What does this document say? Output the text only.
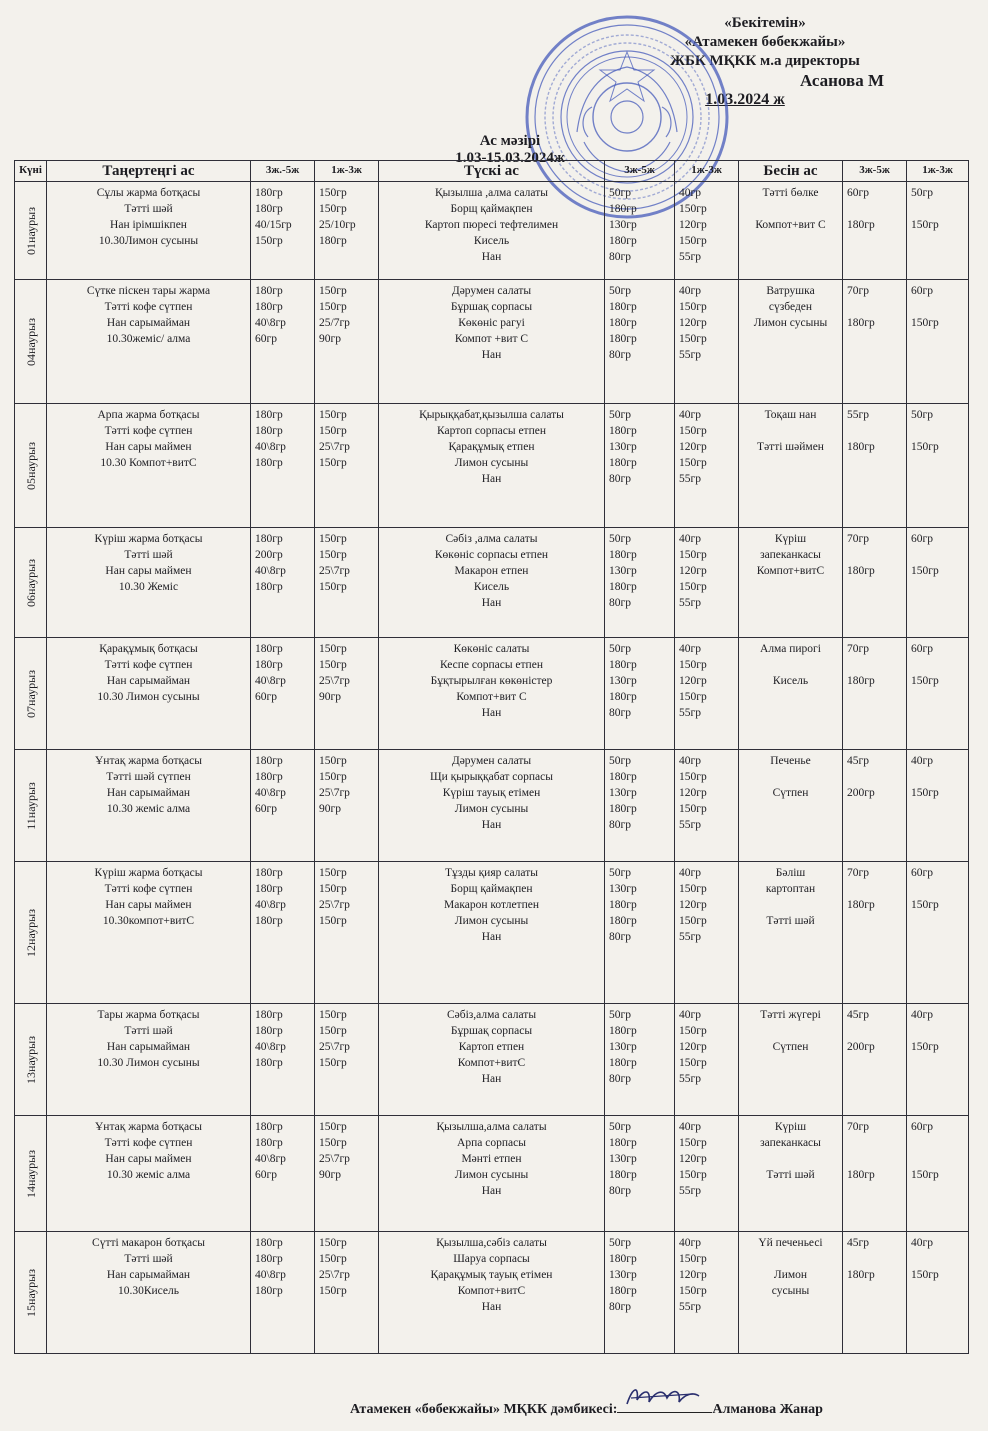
«Бекітемін»
«Атамекен бөбекжайы»
ЖБК МҚКК м.а директоры
Асанова М
1.03.2024 ж
Ас мәзірі
1.03-15.03.2024ж
Күні	Таңертеңгі ас	3ж.-5ж	1ж-3ж	Түскі ас	3ж-5ж	1ж-3ж	Бесін ас	3ж-5ж	1ж-3ж

01наурыз	Сұлы жарма ботқасы
Тәтті шәй
Нан ірімшікпен
10.30Лимон сусыны	180гр
180гр
40/15гр
150гр	150гр
150гр
25/10гр
180гр	Қызылша ,алма салаты
Борщ қаймақпен
Картоп пюресі тефтелимен
Кисель
Нан	50гр
180гр
130гр
180гр
80гр	40гр
150гр
120гр
150гр
55гр	Тәтті бөлке

Компот+вит С	60гр

180гр	50гр

150гр

04наурыз	Сүтке піскен тары жарма
Тәтті кофе сүтпен
Нан сарымайман
10.30жеміс/ алма	180гр
180гр
40\8гр
60гр	150гр
150гр
25/7гр
90гр	Дәрумен салаты
Бұршақ сорпасы
Көкөніс рагуі
Компот +вит С
Нан	50гр
180гр
180гр
180гр
80гр	40гр
150гр
120гр
150гр
55гр	Ватрушка
сүзбеден
Лимон сусыны	70гр

180гр	60гр

150гр

05наурыз	Арпа жарма ботқасы
Тәтті кофе сүтпен
Нан сары маймен
10.30 Компот+витС	180гр
180гр
40\8гр
180гр	150гр
150гр
25\7гр
150гр	Қырыққабат,қызылша салаты
Картоп сорпасы етпен
Қарақұмық етпен
Лимон сусыны
Нан	50гр
180гр
130гр
180гр
80гр	40гр
150гр
120гр
150гр
55гр	Тоқаш нан

Тәтті шәймен	55гр

180гр	50гр

150гр

06наурыз	Күріш жарма ботқасы
Тәтті шәй
Нан сары маймен
10.30 Жеміс	180гр
200гр
40\8гр
180гр	150гр
150гр
25\7гр
150гр	Сәбіз ,алма салаты
Көкөніс сорпасы етпен
Макарон етпен
Кисель
Нан	50гр
180гр
130гр
180гр
80гр	40гр
150гр
120гр
150гр
55гр	Күріш
запеканкасы
Компот+витС	70гр

180гр	60гр

150гр

07наурыз	Қарақұмық ботқасы
Тәтті кофе сүтпен
Нан сарымайман
10.30 Лимон сусыны	180гр
180гр
40\8гр
60гр	150гр
150гр
25\7гр
90гр	Көкөніс салаты
Кеспе сорпасы етпен
Бұқтырылған көкөністер
Компот+вит С
Нан	50гр
180гр
130гр
180гр
80гр	40гр
150гр
120гр
150гр
55гр	Алма пирогі

Кисель	70гр

180гр	60гр

150гр

11наурыз	Ұнтақ жарма ботқасы
Тәтті шәй сүтпен
Нан сарымайман
10.30 жеміс алма	180гр
180гр
40\8гр
60гр	150гр
150гр
25\7гр
90гр	Дәрумен салаты
Щи қырыққабат сорпасы
Күріш тауық етімен
Лимон сусыны
Нан	50гр
180гр
130гр
180гр
80гр	40гр
150гр
120гр
150гр
55гр	Печенье

Сүтпен	45гр

200гр	40гр

150гр

12наурыз	Күріш жарма ботқасы
Тәтті кофе сүтпен
Нан сары маймен
10.30компот+витС	180гр
180гр
40\8гр
180гр	150гр
150гр
25\7гр
150гр	Тұзды қияр салаты
Борщ қаймақпен
Макарон котлетпен
Лимон сусыны
Нан	50гр
130гр
180гр
180гр
80гр	40гр
150гр
120гр
150гр
55гр	Бәліш
картоптан

Тәтті шәй	70гр

180гр	60гр

150гр

13наурыз	Тары жарма ботқасы
Тәтті шәй
Нан сарымайман
10.30 Лимон сусыны	180гр
180гр
40\8гр
180гр	150гр
150гр
25\7гр
150гр	Сәбіз,алма салаты
Бұршақ сорпасы
Картоп етпен
Компот+витС
Нан	50гр
180гр
130гр
180гр
80гр	40гр
150гр
120гр
150гр
55гр	Тәтті жүгері

Сүтпен	45гр

200гр	40гр

150гр

14наурыз	Ұнтақ жарма ботқасы
Тәтті кофе сүтпен
Нан сары маймен
10.30 жеміс алма	180гр
180гр
40\8гр
60гр	150гр
150гр
25\7гр
90гр	Қызылша,алма салаты
Арпа сорпасы
Мәнті етпен
Лимон сусыны
Нан	50гр
180гр
130гр
180гр
80гр	40гр
150гр
120гр
150гр
55гр	Күріш
запеканкасы

Тәтті шәй	70гр

180гр	60гр

150гр

15наурыз	Сүтті макарон ботқасы
Тәтті шәй
Нан сарымайман
10.30Кисель	180гр
180гр
40\8гр
180гр	150гр
150гр
25\7гр
150гр	Қызылша,сәбіз салаты
Шаруа сорпасы
Қарақұмық тауық етімен
Компот+витС
Нан	50гр
180гр
130гр
180гр
80гр	40гр
150гр
120гр
150гр
55гр	Үй печеньесі

Лимон
сусыны	45гр

180гр	40гр

150гр
Атамекен «бөбекжайы» МҚКК дәмбикесі:	Алманова Жанар
